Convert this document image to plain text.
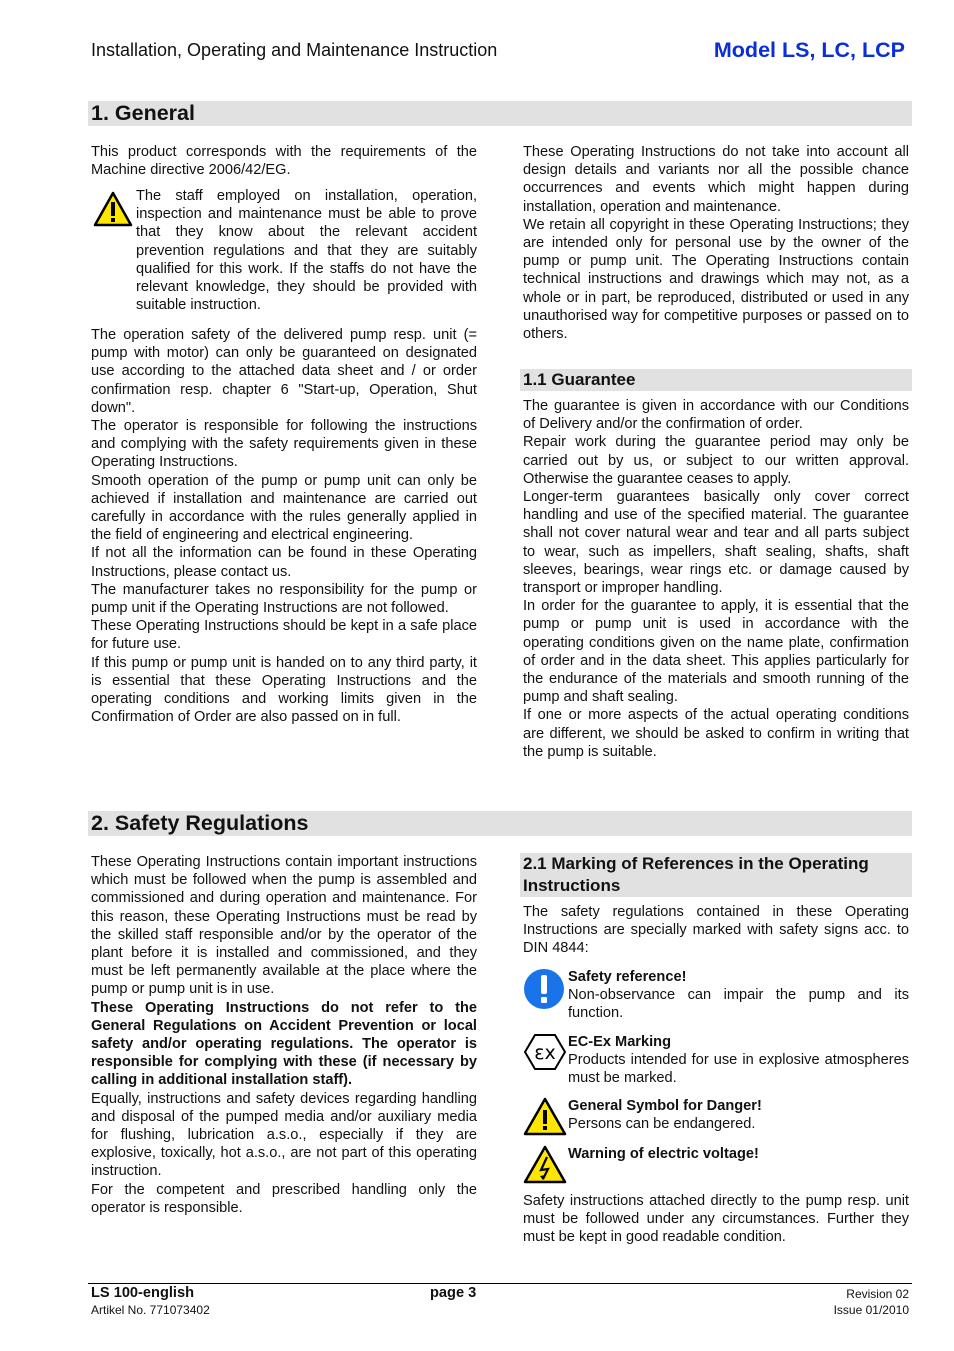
Installation, Operating and Maintenance Instruction	Model LS, LC, LCP
1. General

This product corresponds with the requirements of the Machine directive 2006/42/EG.

The staff employed on installation, operation, inspection and maintenance must be able to prove that they know about the relevant accident prevention regulations and that they are suitably qualified for this work. If the staffs do not have the relevant knowledge, they should be provided with suitable instruction.

The operation safety of the delivered pump resp. unit (= pump with motor) can only be guaranteed on designated use according to the attached data sheet and / or order confirmation resp. chapter 6 "Start-up, Operation, Shut down".

The operator is responsible for following the instructions and complying with the safety requirements given in these Operating Instructions.

Smooth operation of the pump or pump unit can only be achieved if installation and maintenance are carried out carefully in accordance with the rules generally applied in the field of engineering and electrical engineering.

If not all the information can be found in these Operating Instructions, please contact us.

The manufacturer takes no responsibility for the pump or pump unit if the Operating Instructions are not followed.

These Operating Instructions should be kept in a safe place for future use.

If this pump or pump unit is handed on to any third party, it is essential that these Operating Instructions and the operating conditions and working limits given in the Confirmation of Order are also passed on in full.

These Operating Instructions do not take into account all design details and variants nor all the possible chance occurrences and events which might happen during installation, operation and maintenance.

We retain all copyright in these Operating Instructions; they are intended only for personal use by the owner of the pump or pump unit. The Operating Instructions contain technical instructions and drawings which may not, as a whole or in part, be reproduced, distributed or used in any unauthorised way for competitive purposes or passed on to others.

1.1 Guarantee

The guarantee is given in accordance with our Conditions of Delivery and/or the confirmation of order.

Repair work during the guarantee period may only be carried out by us, or subject to our written approval. Otherwise the guarantee ceases to apply.

Longer-term guarantees basically only cover correct handling and use of the specified material. The guarantee shall not cover natural wear and tear and all parts subject to wear, such as impellers, shaft sealing, shafts, shaft sleeves, bearings, wear rings etc. or damage caused by transport or improper handling.

In order for the guarantee to apply, it is essential that the pump or pump unit is used in accordance with the operating conditions given on the name plate, confirmation of order and in the data sheet. This applies particularly for the endurance of the materials and smooth running of the pump and shaft sealing.

If one or more aspects of the actual operating conditions are different, we should be asked to confirm in writing that the pump is suitable.

2. Safety Regulations

These Operating Instructions contain important instructions which must be followed when the pump is assembled and commissioned and during operation and maintenance. For this reason, these Operating Instructions must be read by the skilled staff responsible and/or by the operator of the plant before it is installed and commissioned, and they must be left permanently available at the place where the pump or pump unit is in use.

These Operating Instructions do not refer to the General Regulations on Accident Prevention or local safety and/or operating regulations. The operator is responsible for complying with these (if necessary by calling in additional installation staff).

Equally, instructions and safety devices regarding handling and disposal of the pumped media and/or auxiliary media for flushing, lubrication a.s.o., especially if they are explosive, toxically, hot a.s.o., are not part of this operating instruction.

For the competent and prescribed handling only the operator is responsible.

2.1 Marking of References in the Operating Instructions

The safety regulations contained in these Operating Instructions are specially marked with safety signs acc. to DIN 4844:

Safety reference!
Non-observance can impair the pump and its function.
εx EC-Ex Marking
Products intended for use in explosive atmospheres must be marked.
General Symbol for Danger!
Persons can be endangered.
Warning of electric voltage!

Safety instructions attached directly to the pump resp. unit must be followed under any circumstances. Further they must be kept in good readable condition.

LS 100-english
Artikel No. 771073402
page 3	Revision 02
Issue 01/2010
